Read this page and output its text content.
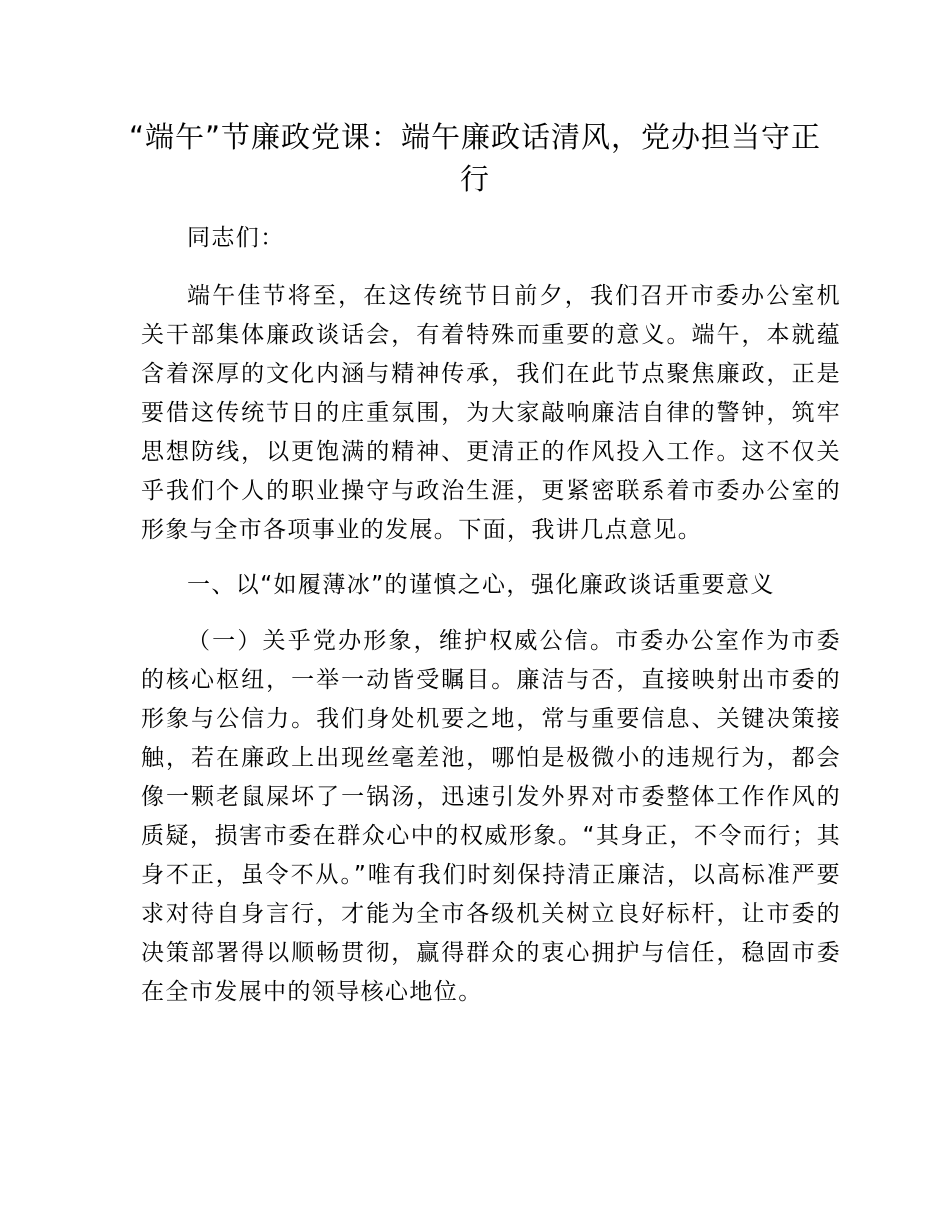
“端午”节廉政党课：端午廉政话清风，党办担当守正行

同志们：

端午佳节将至，在这传统节日前夕，我们召开市委办公室机关干部集体廉政谈话会，有着特殊而重要的意义。端午，本就蕴含着深厚的文化内涵与精神传承，我们在此节点聚焦廉政，正是要借这传统节日的庄重氛围，为大家敲响廉洁自律的警钟，筑牢思想防线，以更饱满的精神、更清正的作风投入工作。这不仅关乎我们个人的职业操守与政治生涯，更紧密联系着市委办公室的形象与全市各项事业的发展。下面，我讲几点意见。

一、以“如履薄冰”的谨慎之心，强化廉政谈话重要意义

（一）关乎党办形象，维护权威公信。市委办公室作为市委的核心枢纽，一举一动皆受瞩目。廉洁与否，直接映射出市委的形象与公信力。我们身处机要之地，常与重要信息、关键决策接触，若在廉政上出现丝毫差池，哪怕是极微小的违规行为，都会像一颗老鼠屎坏了一锅汤，迅速引发外界对市委整体工作作风的质疑，损害市委在群众心中的权威形象。“其身正，不令而行；其身不正，虽令不从。”唯有我们时刻保持清正廉洁，以高标准严要求对待自身言行，才能为全市各级机关树立良好标杆，让市委的决策部署得以顺畅贯彻，赢得群众的衷心拥护与信任，稳固市委在全市发展中的领导核心地位。
